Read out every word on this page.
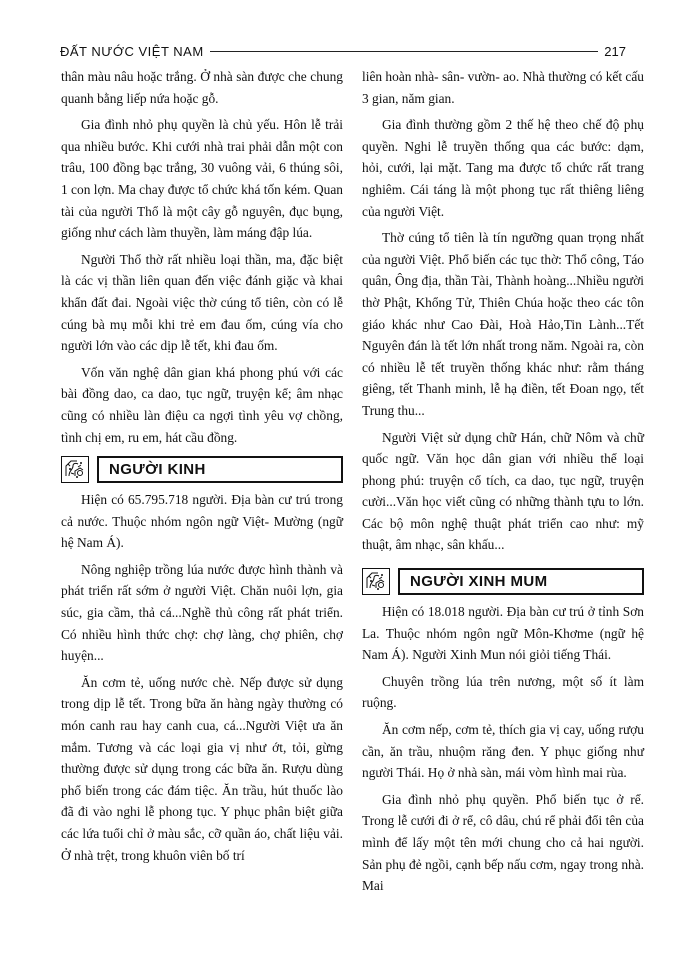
ĐẤT NƯỚC VIỆT NAM	217

thân màu nâu hoặc trắng. Ở nhà sàn được che chung quanh bằng liếp nứa hoặc gỗ.

Gia đình nhỏ phụ quyền là chủ yếu. Hôn lễ trải qua nhiều bước. Khi cưới nhà trai phải dẫn một con trâu, 100 đồng bạc trắng, 30 vuông vải, 6 thúng sôi, 1 con lợn. Ma chay được tổ chức khá tốn kém. Quan tài của người Thổ là một cây gỗ nguyên, đục bụng, giống như cách làm thuyền, làm máng đập lúa.

Người Thổ thờ rất nhiều loại thần, ma, đặc biệt là các vị thần liên quan đến việc đánh giặc và khai khẩn đất đai. Ngoài việc thờ cúng tổ tiên, còn có lễ cúng bà mụ mỗi khi trẻ em đau ốm, cúng vía cho người lớn vào các dịp lễ tết, khi đau ốm.

Vốn văn nghệ dân gian khá phong phú với các bài đồng dao, ca dao, tục ngữ, truyện kể; âm nhạc cũng có nhiều làn điệu ca ngợi tình yêu vợ chồng, tình chị em, ru em, hát cầu đồng.

NGƯỜI KINH

Hiện có 65.795.718 người. Địa bàn cư trú trong cả nước. Thuộc nhóm ngôn ngữ Việt- Mường (ngữ hệ Nam Á).

Nông nghiệp trồng lúa nước được hình thành và phát triển rất sớm ở người Việt. Chăn nuôi lợn, gia súc, gia cầm, thả cá...Nghề thủ công rất phát triển. Có nhiều hình thức chợ: chợ làng, chợ phiên, chợ huyện...

Ăn cơm tẻ, uống nước chè. Nếp được sử dụng trong dịp lễ tết. Trong bữa ăn hàng ngày thường có món canh rau hay canh cua, cá...Người Việt ưa ăn mắm. Tương và các loại gia vị như ớt, tỏi, gừng thường được sử dụng trong các bữa ăn. Rượu dùng phổ biến trong các đám tiệc. Ăn trầu, hút thuốc lào đã đi vào nghi lễ phong tục. Y phục phân biệt giữa các lứa tuổi chỉ ở màu sắc, cỡ quần áo, chất liệu vải. Ở nhà trệt, trong khuôn viên bố trí

liên hoàn nhà- sân- vườn- ao. Nhà thường có kết cấu 3 gian, năm gian.

Gia đình thường gồm 2 thế hệ theo chế độ phụ quyền. Nghi lễ truyền thống qua các bước: dạm, hỏi, cưới, lại mặt. Tang ma được tổ chức rất trang nghiêm. Cái táng là một phong tục rất thiêng liêng của người Việt.

Thờ cúng tổ tiên là tín ngưỡng quan trọng nhất của người Việt. Phổ biến các tục thờ: Thổ công, Táo quân, Ông địa, thần Tài, Thành hoàng...Nhiều người thờ Phật, Khổng Tử, Thiên Chúa hoặc theo các tôn giáo khác như Cao Đài, Hoà Hảo,Tin Lành...Tết Nguyên đán là tết lớn nhất trong năm. Ngoài ra, còn có nhiều lễ tết truyền thống khác như: rằm tháng giêng, tết Thanh minh, lễ hạ điền, tết Đoan ngọ, tết Trung thu...

Người Việt sử dụng chữ Hán, chữ Nôm và chữ quốc ngữ. Văn học dân gian với nhiều thể loại phong phú: truyện cổ tích, ca dao, tục ngữ, truyện cười...Văn học viết cũng có những thành tựu to lớn. Các bộ môn nghệ thuật phát triển cao như: mỹ thuật, âm nhạc, sân khấu...

NGƯỜI XINH MUM

Hiện có 18.018 người. Địa bàn cư trú ở tỉnh Sơn La. Thuộc nhóm ngôn ngữ Môn-Khơme (ngữ hệ Nam Á). Người Xinh Mun nói giỏi tiếng Thái.

Chuyên trồng lúa trên nương, một số ít làm ruộng.

Ăn cơm nếp, cơm tẻ, thích gia vị cay, uống rượu cần, ăn trầu, nhuộm răng đen. Y phục giống như người Thái. Họ ở nhà sàn, mái vòm hình mai rùa.

Gia đình nhỏ phụ quyền. Phổ biến tục ở rể. Trong lễ cưới đi ở rể, cô dâu, chú rể phải đổi tên của mình để lấy một tên mới chung cho cả hai người. Sản phụ đẻ ngồi, cạnh bếp nấu cơm, ngay trong nhà. Mai
